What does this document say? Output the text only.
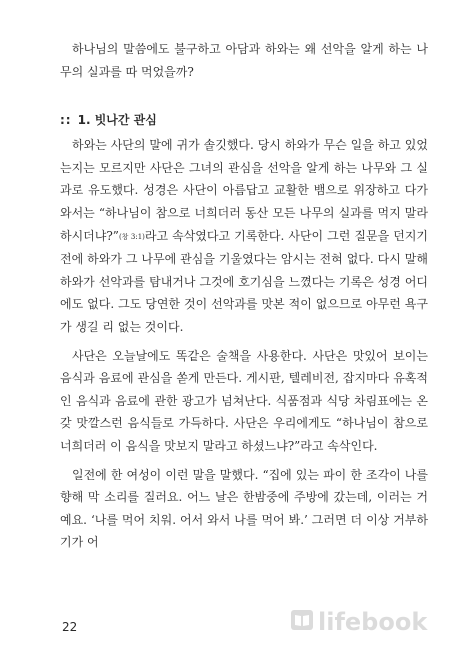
하나님의 말씀에도 불구하고 아담과 하와는 왜 선악을 알게 하는 나무의 실과를 따 먹었을까?

:: 1. 빗나간 관심

하와는 사단의 말에 귀가 솔깃했다. 당시 하와가 무슨 일을 하고 있었는지는 모르지만 사단은 그녀의 관심을 선악을 알게 하는 나무와 그 실과로 유도했다. 성경은 사단이 아름답고 교활한 뱀으로 위장하고 다가와서는 “하나님이 참으로 너희더러 동산 모든 나무의 실과를 먹지 말라 하시더냐?”(창 3:1)라고 속삭였다고 기록한다. 사단이 그런 질문을 던지기 전에 하와가 그 나무에 관심을 기울였다는 암시는 전혀 없다. 다시 말해 하와가 선악과를 탐내거나 그것에 호기심을 느꼈다는 기록은 성경 어디에도 없다. 그도 당연한 것이 선악과를 맛본 적이 없으므로 아무런 욕구가 생길 리 없는 것이다.

사단은 오늘날에도 똑같은 술책을 사용한다. 사단은 맛있어 보이는 음식과 음료에 관심을 쏟게 만든다. 게시판, 텔레비전, 잡지마다 유혹적인 음식과 음료에 관한 광고가 넘쳐난다. 식품점과 식당 차림표에는 온갖 맛깔스런 음식들로 가득하다. 사단은 우리에게도 “하나님이 참으로 너희더러 이 음식을 맛보지 말라고 하셨느냐?”라고 속삭인다.

일전에 한 여성이 이런 말을 말했다. “집에 있는 파이 한 조각이 나를 향해 막 소리를 질러요. 어느 날은 한밤중에 주방에 갔는데, 이러는 거예요. ‘나를 먹어 치워. 어서 와서 나를 먹어 봐.’ 그러면 더 이상 거부하기가 어

22	lifebook
